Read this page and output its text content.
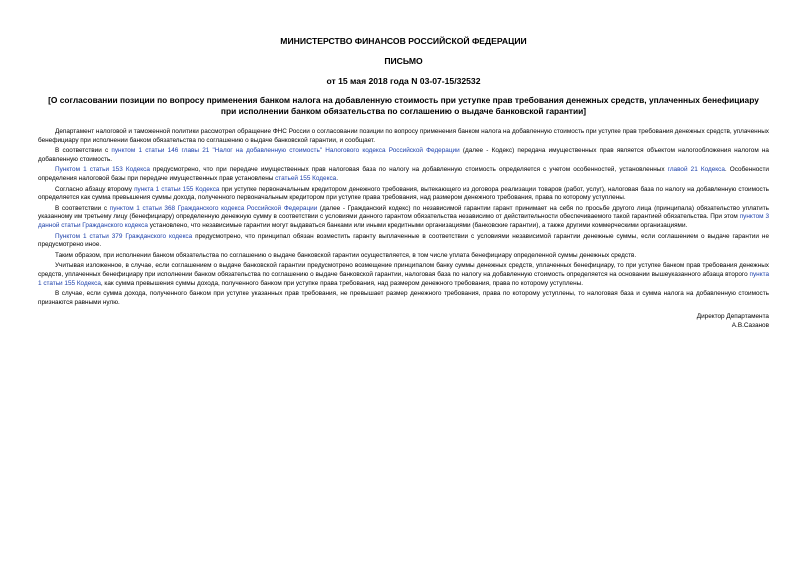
МИНИСТЕРСТВО ФИНАНСОВ РОССИЙСКОЙ ФЕДЕРАЦИИ
ПИСЬМО
от 15 мая 2018 года N 03-07-15/32532
[О согласовании позиции по вопросу применения банком налога на добавленную стоимость при уступке прав требования денежных средств, уплаченных бенефициару при исполнении банком обязательства по соглашению о выдаче банковской гарантии]

Департамент налоговой и таможенной политики рассмотрел обращение ФНС России о согласовании позиции по вопросу применения банком налога на добавленную стоимость при уступке прав требования денежных средств, уплаченных бенефициару при исполнении банком обязательства по соглашению о выдаче банковской гарантии, и сообщает.

В соответствии с пунктом 1 статьи 146 главы 21 "Налог на добавленную стоимость" Налогового кодекса Российской Федерации (далее - Кодекс) передача имущественных прав является объектом налогообложения налогом на добавленную стоимость.

Пунктом 1 статьи 153 Кодекса предусмотрено, что при передаче имущественных прав налоговая база по налогу на добавленную стоимость определяется с учетом особенностей, установленных главой 21 Кодекса. Особенности определения налоговой базы при передаче имущественных прав установлены статьей 155 Кодекса.

Согласно абзацу второму пункта 1 статьи 155 Кодекса при уступке первоначальным кредитором денежного требования, вытекающего из договора реализации товаров (работ, услуг), налоговая база по налогу на добавленную стоимость определяется как сумма превышения суммы дохода, полученного первоначальным кредитором при уступке права требования, над размером денежного требования, права по которому уступлены.

В соответствии с пунктом 1 статьи 368 Гражданского кодекса Российской Федерации (далее - Гражданский кодекс) по независимой гарантии гарант принимает на себя по просьбе другого лица (принципала) обязательство уплатить указанному им третьему лицу (бенефициару) определенную денежную сумму в соответствии с условиями данного гарантом обязательства независимо от действительности обеспечиваемого такой гарантией обязательства. При этом пунктом 3 данной статьи Гражданского кодекса установлено, что независимые гарантии могут выдаваться банками или иными кредитными организациями (банковские гарантии), а также другими коммерческими организациями.

Пунктом 1 статьи 379 Гражданского кодекса предусмотрено, что принципал обязан возместить гаранту выплаченные в соответствии с условиями независимой гарантии денежные суммы, если соглашением о выдаче гарантии не предусмотрено иное.

Таким образом, при исполнении банком обязательства по соглашению о выдаче банковской гарантии осуществляется, в том числе уплата бенефициару определенной суммы денежных средств.

Учитывая изложенное, в случае, если соглашением о выдаче банковской гарантии предусмотрено возмещение принципалом банку суммы денежных средств, уплаченных бенефициару, то при уступке банком прав требования денежных средств, уплаченных бенефициару при исполнении банком обязательства по соглашению о выдаче банковской гарантии, налоговая база по налогу на добавленную стоимость определяется на основании вышеуказанного абзаца второго пункта 1 статьи 155 Кодекса, как сумма превышения суммы дохода, полученного банком при уступке права требования, над размером денежного требования, права по которому уступлены.

В случае, если сумма дохода, полученного банком при уступке указанных прав требования, не превышает размер денежного требования, права по которому уступлены, то налоговая база и сумма налога на добавленную стоимость признаются равными нулю.

Директор Департамента
А.В.Сазанов
